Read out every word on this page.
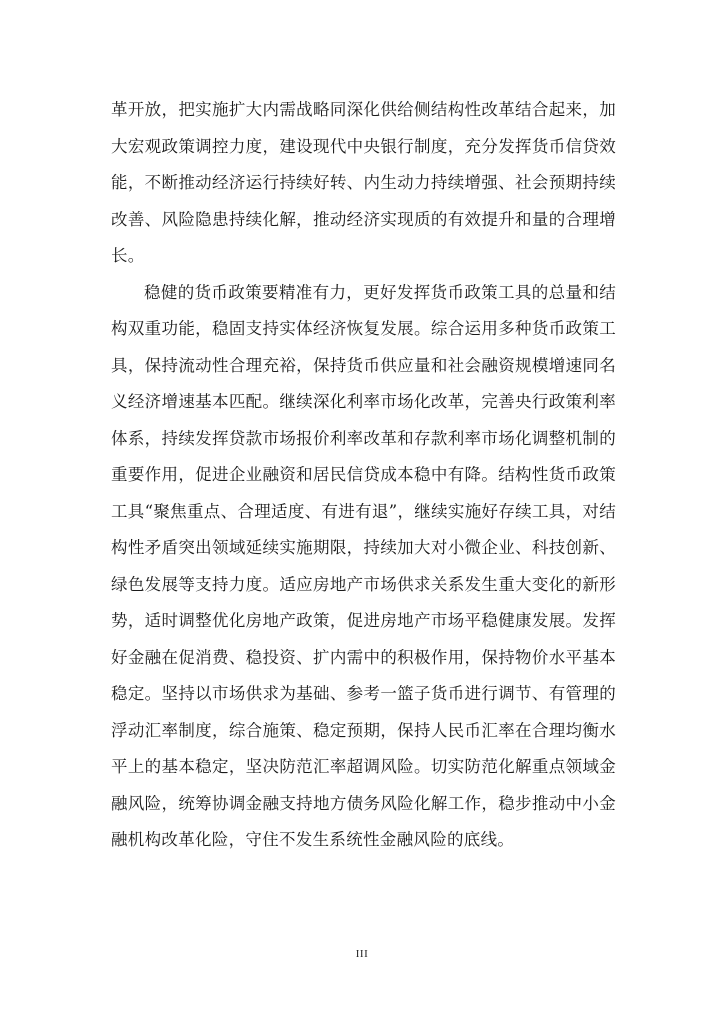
革开放，把实施扩大内需战略同深化供给侧结构性改革结合起来，加大宏观政策调控力度，建设现代中央银行制度，充分发挥货币信贷效能，不断推动经济运行持续好转、内生动力持续增强、社会预期持续改善、风险隐患持续化解，推动经济实现质的有效提升和量的合理增长。

稳健的货币政策要精准有力，更好发挥货币政策工具的总量和结构双重功能，稳固支持实体经济恢复发展。综合运用多种货币政策工具，保持流动性合理充裕，保持货币供应量和社会融资规模增速同名义经济增速基本匹配。继续深化利率市场化改革，完善央行政策利率体系，持续发挥贷款市场报价利率改革和存款利率市场化调整机制的重要作用，促进企业融资和居民信贷成本稳中有降。结构性货币政策工具“聚焦重点、合理适度、有进有退”，继续实施好存续工具，对结构性矛盾突出领域延续实施期限，持续加大对小微企业、科技创新、绿色发展等支持力度。适应房地产市场供求关系发生重大变化的新形势，适时调整优化房地产政策，促进房地产市场平稳健康发展。发挥好金融在促消费、稳投资、扩内需中的积极作用，保持物价水平基本稳定。坚持以市场供求为基础、参考一篮子货币进行调节、有管理的浮动汇率制度，综合施策、稳定预期，保持人民币汇率在合理均衡水平上的基本稳定，坚决防范汇率超调风险。切实防范化解重点领域金融风险，统筹协调金融支持地方债务风险化解工作，稳步推动中小金融机构改革化险，守住不发生系统性金融风险的底线。

III
